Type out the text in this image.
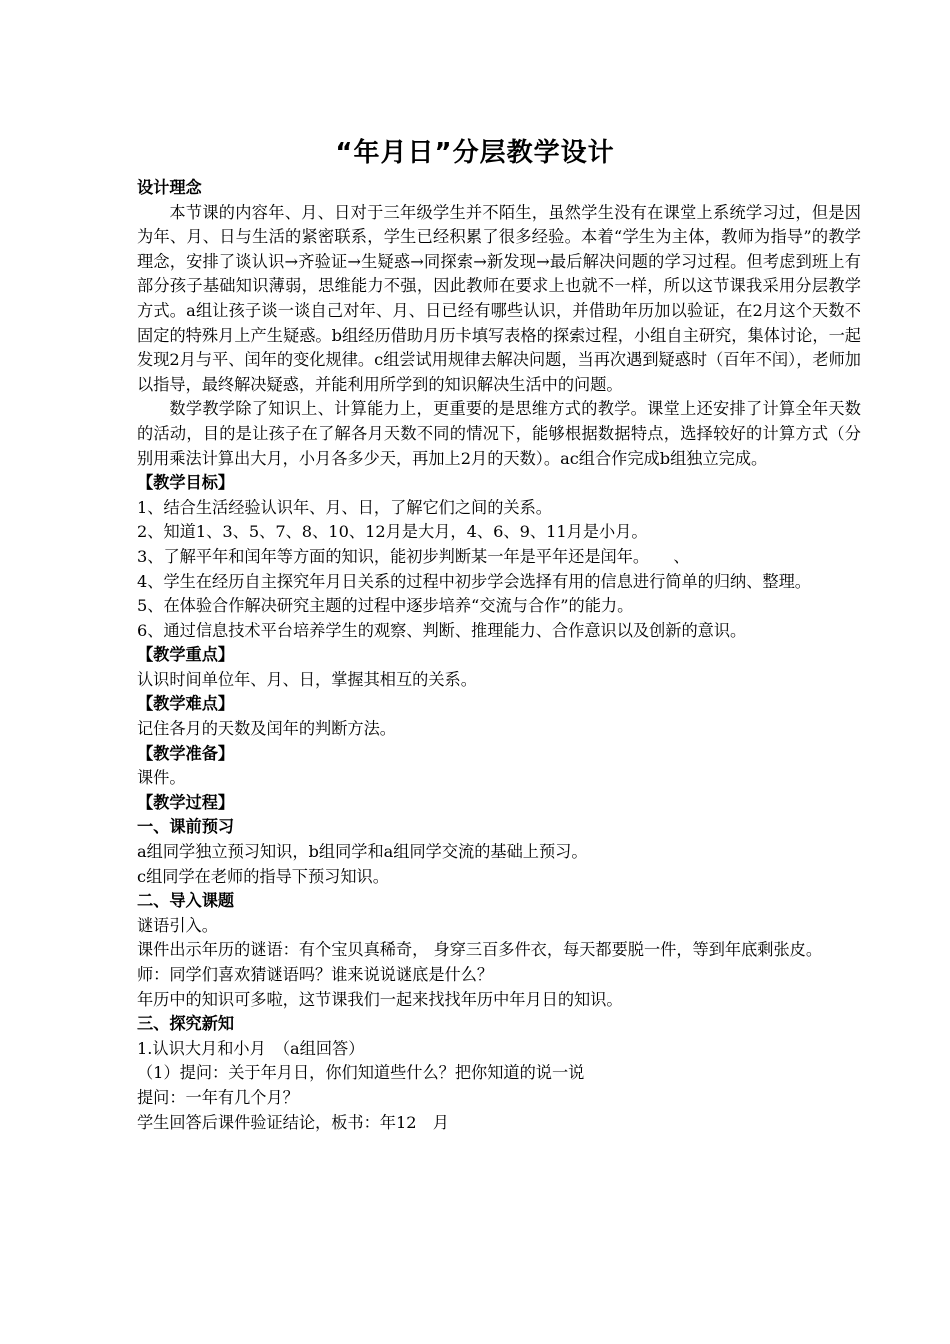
“年月日”分层教学设计

设计理念

本节课的内容年、月、日对于三年级学生并不陌生，虽然学生没有在课堂上系统学习过，但是因为年、月、日与生活的紧密联系，学生已经积累了很多经验。本着“学生为主体，教师为指导”的教学理念，安排了谈认识→齐验证→生疑惑→同探索→新发现→最后解决问题的学习过程。但考虑到班上有部分孩子基础知识薄弱，思维能力不强，因此教师在要求上也就不一样，所以这节课我采用分层教学方式。a组让孩子谈一谈自己对年、月、日已经有哪些认识，并借助年历加以验证，在2月这个天数不固定的特殊月上产生疑惑。b组经历借助月历卡填写表格的探索过程，小组自主研究，集体讨论，一起发现2月与平、闰年的变化规律。c组尝试用规律去解决问题，当再次遇到疑惑时（百年不闰），老师加以指导，最终解决疑惑，并能利用所学到的知识解决生活中的问题。

数学教学除了知识上、计算能力上，更重要的是思维方式的教学。课堂上还安排了计算全年天数的活动，目的是让孩子在了解各月天数不同的情况下，能够根据数据特点，选择较好的计算方式（分别用乘法计算出大月，小月各多少天，再加上2月的天数）。ac组合作完成b组独立完成。

【教学目标】

1、结合生活经验认识年、月、日，了解它们之间的关系。

2、知道1、3、5、7、8、10、12月是大月，4、6、9、11月是小月。

3、了解平年和闰年等方面的知识，能初步判断某一年是平年还是闰年。　　、

4、学生在经历自主探究年月日关系的过程中初步学会选择有用的信息进行简单的归纳、整理。

5、在体验合作解决研究主题的过程中逐步培养“交流与合作”的能力。

6、通过信息技术平台培养学生的观察、判断、推理能力、合作意识以及创新的意识。

【教学重点】

认识时间单位年、月、日，掌握其相互的关系。

【教学难点】

记住各月的天数及闰年的判断方法。

【教学准备】

课件。

【教学过程】

一、课前预习

a组同学独立预习知识，b组同学和a组同学交流的基础上预习。

c组同学在老师的指导下预习知识。

二、导入课题

谜语引入。

课件出示年历的谜语：有个宝贝真稀奇， 身穿三百多件衣，每天都要脱一件，等到年底剩张皮。

师：同学们喜欢猜谜语吗？谁来说说谜底是什么？

年历中的知识可多啦，这节课我们一起来找找年历中年月日的知识。

三、探究新知

1.认识大月和小月　（a组回答）

（1）提问：关于年月日，你们知道些什么？把你知道的说一说

提问：一年有几个月？

学生回答后课件验证结论，板书：年12　月
